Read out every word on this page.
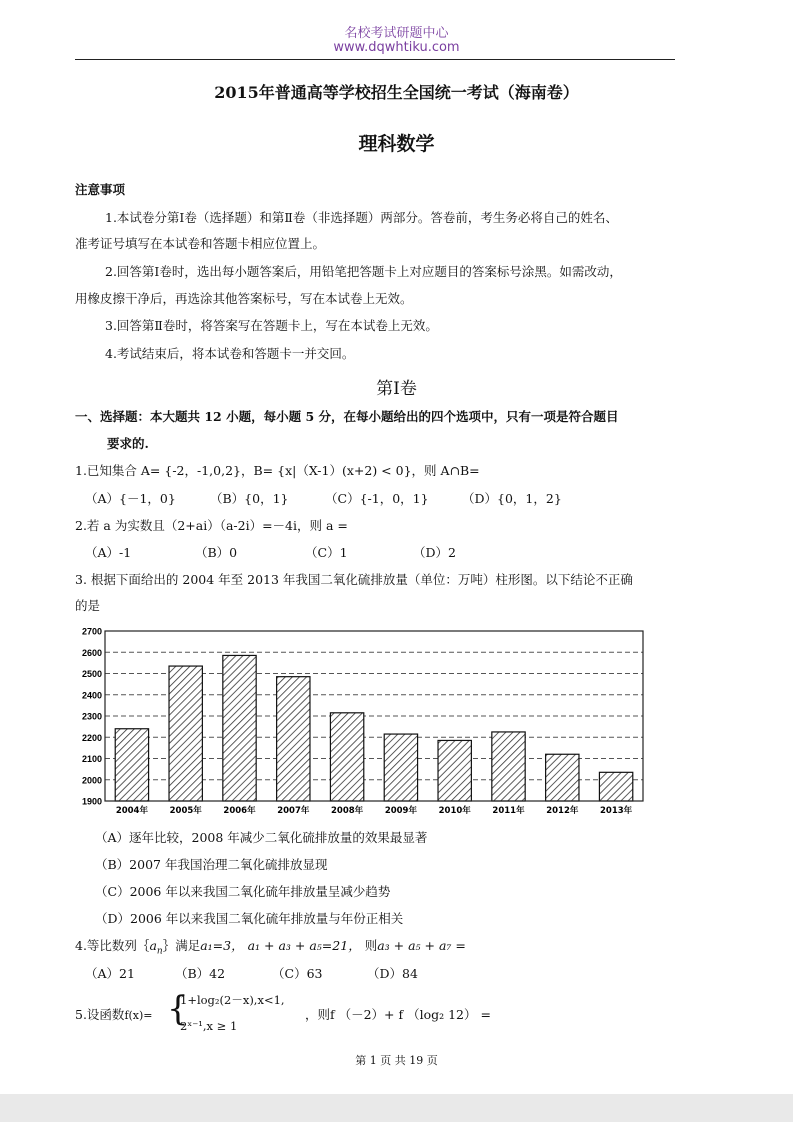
名校考试研题中心
www.dqwhtiku.com
2015年普通高等学校招生全国统一考试（海南卷）
理科数学
注意事项
1.本试卷分第Ⅰ卷（选择题）和第Ⅱ卷（非选择题）两部分。答卷前，考生务必将自己的姓名、
准考证号填写在本试卷和答题卡相应位置上。
2.回答第Ⅰ卷时，选出每小题答案后，用铅笔把答题卡上对应题目的答案标号涂黑。如需改动，
用橡皮擦干净后，再选涂其他答案标号，写在本试卷上无效。
3.回答第Ⅱ卷时，将答案写在答题卡上，写在本试卷上无效。
4.考试结束后，将本试卷和答题卡一并交回。
第Ⅰ卷
一、选择题：本大题共 12 小题，每小题 5 分，在每小题给出的四个选项中，只有一项是符合题目
要求的.
1.已知集合 A= {-2，-1,0,2}，B= {x|（X-1）(x+2) < 0}，则 A∩B=
（A）{－1，0}	（B）{0，1}	（C）{-1，0，1}	（D）{0，1，2}
2.若 a 为实数且（2+ai）（a-2i）=－4i，则 a =
（A）-1	（B）0	（C）1	（D）2
3. 根据下面给出的 2004 年至 2013 年我国二氧化硫排放量（单位：万吨）柱形图。以下结论不正确
的是
1900
2000
2100
2200
2300
2400
2500
2600
2700
2004年	2005年	2006年	2007年	2008年	2009年	2010年	2011年	2012年	2013年
（A）逐年比较，2008 年减少二氧化硫排放量的效果最显著
（B）2007 年我国治理二氧化硫排放显现
（C）2006 年以来我国二氧化硫年排放量呈减少趋势
（D）2006 年以来我国二氧化硫年排放量与年份正相关
4.等比数列$\{a_n\}$满足a₁=3， a₁ + a₃ + a₅=21， 则a₃ + a₅ + a₇ =
（A）21	（B）42	（C）63	（D）84
5.设函数f(x)= {
1+log₂(2－x),x<1,
2ˣ⁻¹,x ≥ 1
，则f （－2）+ f （log₂ 12） =
第 1 页 共 19 页
